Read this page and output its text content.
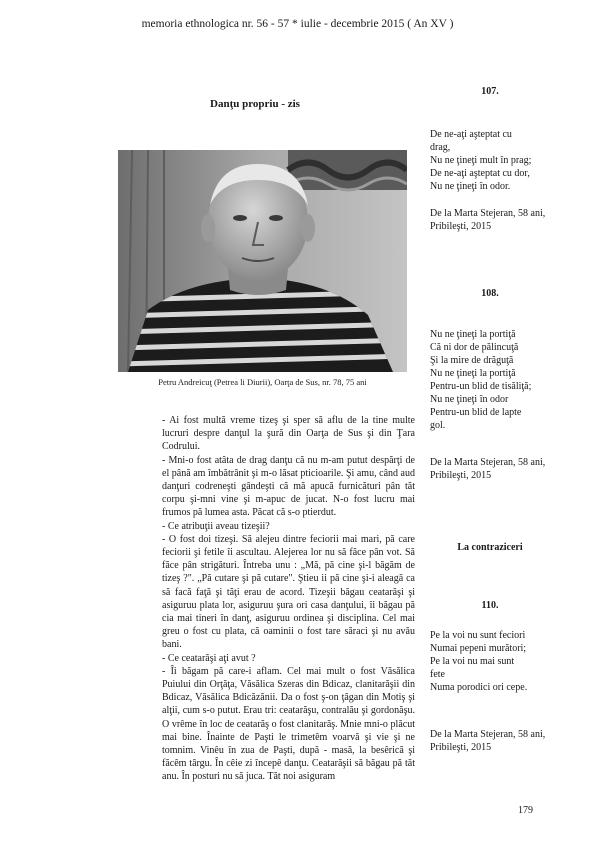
memoria ethnologica nr. 56 - 57 * iulie - decembrie 2015 ( An XV )
Danţu propriu - zis
Petru Andreicuţ (Petrea li Diurii), Oarţa de Sus, nr. 78, 75 ani

- Ai fost multă vreme tizeş şi sper să aflu de la tine multe lucruri despre danţul la şură din Oarţa de Sus şi din Ţara Codrului.

- Mni-o fost atâta de drag danţu că nu m-am putut despărţi de el până am îmbătrânit şi m-o lăsat pticioarile. Şi amu, când aud danţuri codreneşti gândeşti că mă apucă furnicături pân tăt corpu şi-mni vine şi m-apuc de jucat. N-o fost lucru mai frumos pă lumea asta. Păcat că s-o ptierdut.

- Ce atribuţii aveau tizeşii?

- O fost doi tizeşi. Să alejeu dintre feciorii mai mari, pă care feciorii şi fetile îi ascultau. Alejerea lor nu să făce pân vot. Să făce pân strigături. Întreba unu : „Mă, pă cine şi-l băgăm de tizeş ?". „Pă cutare şi pă cutare". Ştieu ii pă cine şi-i aleagă ca să facă faţă şi tăţi erau de acord. Tizeşii băgau ceatarăşi şi asiguruu plata lor, asiguruu şura ori casa danţului, îi băgau pă cia mai tineri în danţ, asiguruu ordinea şi disciplina. Cel mai greu o fost cu plata, că oaminii o fost tare săraci şi nu avău bani.

- Ce ceatarăşi aţi avut ?

- Îi băgam pă care-i aflam. Cel mai mult o fost Văsălica Puiului din Orţăţa, Văsălica Szeras din Bdicaz, clanitarăşii din Bdicaz, Văsălica Bdicăzănii. Da o fost ş-on ţâgan din Motiş şi alţii, cum s-o putut. Erau tri: ceatarăşu, contralău şi gordonăşu. O vrême în loc de ceatarăş o fost clanitarăş. Mnie mni-o plăcut mai bine. Înainte de Paşti le trimetêm voarvă şi vie şi ne tomnim. Vinêu în zua de Paşti, după - masă, la besêrică şi făcêm târgu. În cêie zi începê danţu. Ceatarăşii să băgau pă tăt anu. În posturi nu să juca. Tăt noi asiguram

107.
De ne-aţi aşteptat cu
drag,
Nu ne ţineţi mult în prag;
De ne-aţi aşteptat cu dor,
Nu ne ţineţi în odor.
De la Marta Stejeran, 58 ani, Pribileşti, 2015
108.
Nu ne ţineţi la portiţă
Că ni dor de pălincuţă
Şi la mire de drăguţă
Nu ne ţineţi la portiţă
Pentru-un blid de tisăliţă;
Nu ne ţineţi în odor
Pentru-un blid de lapte
gol.
De la Marta Stejeran, 58 ani, Pribileşti, 2015
La contraziceri
110.
Pe la voi nu sunt feciori
Numai pepeni murători;
Pe la voi nu mai sunt
fete
Numa porodici ori cepe.
De la Marta Stejeran, 58 ani, Pribileşti, 2015
179
